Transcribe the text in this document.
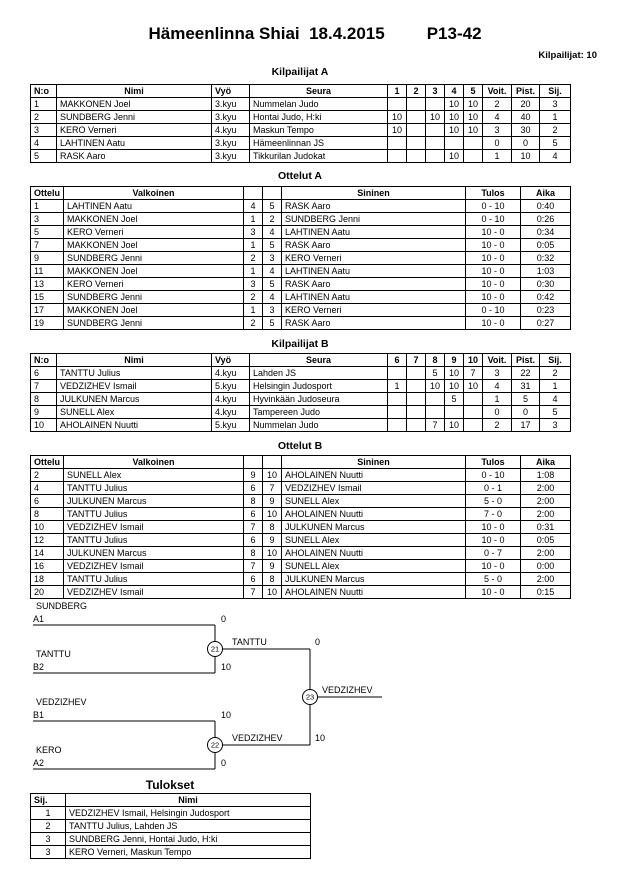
Hämeenlinna Shiai  18.4.2015 P13-42
Kilpailijat: 10
Kilpailijat A
N:o	Nimi	Vyö	Seura	1	2	3	4	5	Voit.	Pist.	Sij.
1	MAKKONEN Joel	3.kyu	Nummelan Judo				10	10	2	20	3
2	SUNDBERG Jenni	3.kyu	Hontai Judo, H:ki	10		10	10	10	4	40	1
3	KERO Verneri	4.kyu	Maskun Tempo	10			10	10	3	30	2
4	LAHTINEN Aatu	3.kyu	Hämeenlinnan JS						0	0	5
5	RASK Aaro	3.kyu	Tikkurilan Judokat				10		1	10	4
Ottelut A
Ottelu	Valkoinen			Sininen	Tulos	Aika
1	LAHTINEN Aatu	4	5	RASK Aaro	0 - 10	0:40
3	MAKKONEN Joel	1	2	SUNDBERG Jenni	0 - 10	0:26
5	KERO Verneri	3	4	LAHTINEN Aatu	10 - 0	0:34
7	MAKKONEN Joel	1	5	RASK Aaro	10 - 0	0:05
9	SUNDBERG Jenni	2	3	KERO Verneri	10 - 0	0:32
11	MAKKONEN Joel	1	4	LAHTINEN Aatu	10 - 0	1:03
13	KERO Verneri	3	5	RASK Aaro	10 - 0	0:30
15	SUNDBERG Jenni	2	4	LAHTINEN Aatu	10 - 0	0:42
17	MAKKONEN Joel	1	3	KERO Verneri	0 - 10	0:23
19	SUNDBERG Jenni	2	5	RASK Aaro	10 - 0	0:27
Kilpailijat B
N:o	Nimi	Vyö	Seura	6	7	8	9	10	Voit.	Pist.	Sij.
6	TANTTU Julius	4.kyu	Lahden JS			5	10	7	3	22	2
7	VEDZIZHEV Ismail	5.kyu	Helsingin Judosport	1		10	10	10	4	31	1
8	JULKUNEN Marcus	4.kyu	Hyvinkään Judoseura				5		1	5	4
9	SUNELL Alex	4.kyu	Tampereen Judo						0	0	5
10	AHOLAINEN Nuutti	5.kyu	Nummelan Judo			7	10		2	17	3
Ottelut B
Ottelu	Valkoinen			Sininen	Tulos	Aika
2	SUNELL Alex	9	10	AHOLAINEN Nuutti	0 - 10	1:08
4	TANTTU Julius	6	7	VEDZIZHEV Ismail	0 - 1	2:00
6	JULKUNEN Marcus	8	9	SUNELL Alex	5 - 0	2:00
8	TANTTU Julius	6	10	AHOLAINEN Nuutti	7 - 0	2:00
10	VEDZIZHEV Ismail	7	8	JULKUNEN Marcus	10 - 0	0:31
12	TANTTU Julius	6	9	SUNELL Alex	10 - 0	0:05
14	JULKUNEN Marcus	8	10	AHOLAINEN Nuutti	0 - 7	2:00
16	VEDZIZHEV Ismail	7	9	SUNELL Alex	10 - 0	0:00
18	TANTTU Julius	6	8	JULKUNEN Marcus	5 - 0	2:00
20	VEDZIZHEV Ismail	7	10	AHOLAINEN Nuutti	10 - 0	0:15
SUNDBERG
A1	0
TANTTU
B2	10
21
TANTTU	0
VEDZIZHEV
B1	10
KERO
A2	0
22
VEDZIZHEV	10
23
VEDZIZHEV
Tulokset
Sij.	Nimi
1	VEDZIZHEV Ismail, Helsingin Judosport
2	TANTTU Julius, Lahden JS
3	SUNDBERG Jenni, Hontai Judo, H:ki
3	KERO Verneri, Maskun Tempo
